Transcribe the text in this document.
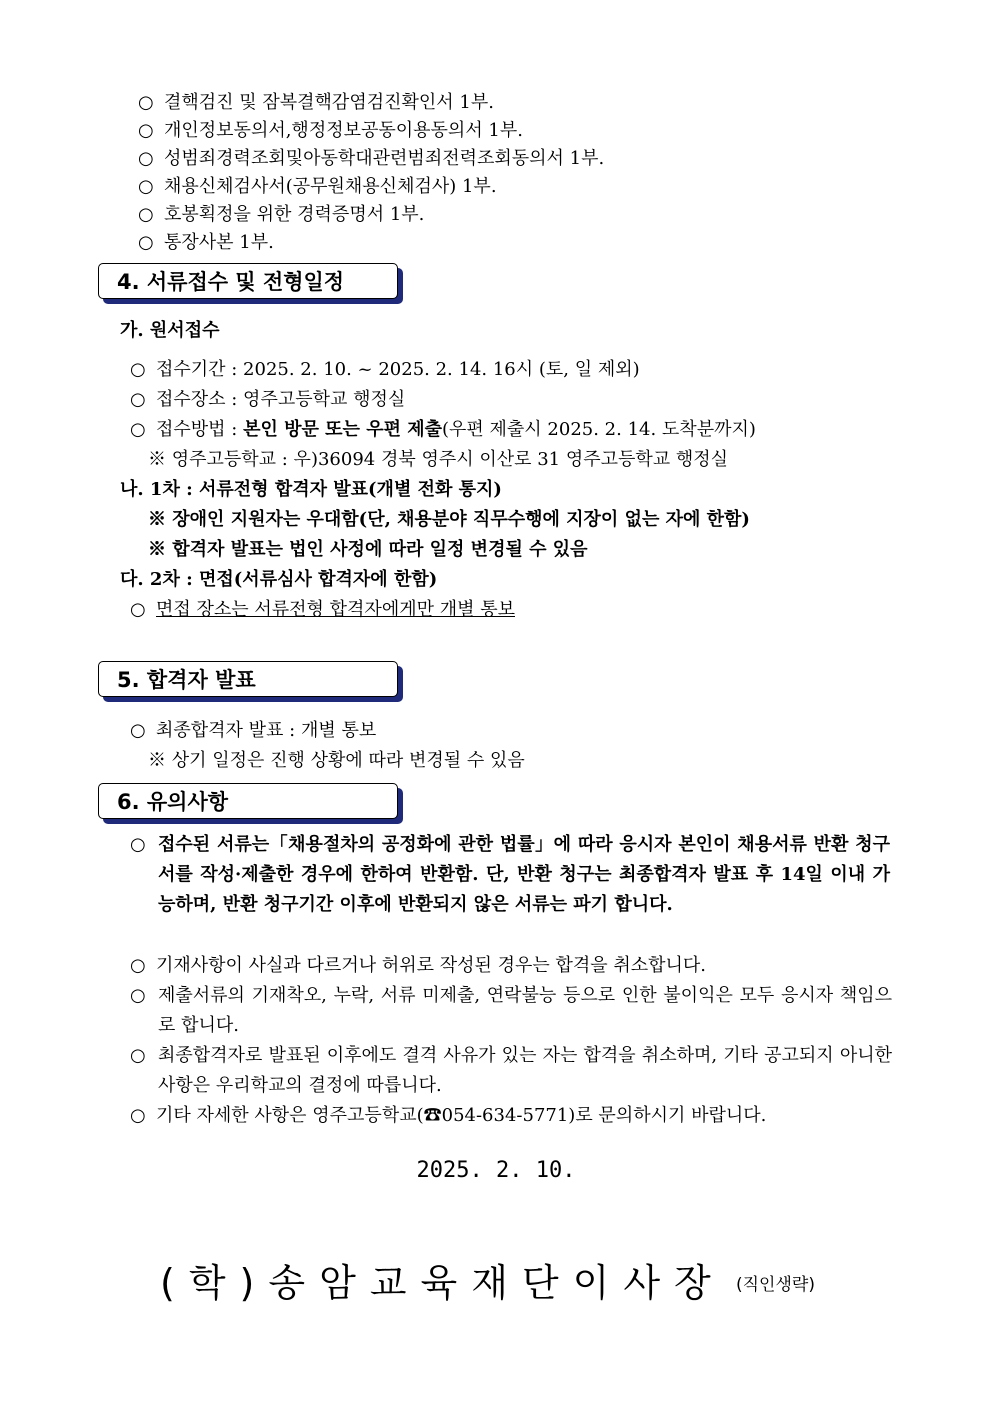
○ 결핵검진 및 잠복결핵감염검진확인서 1부.
○ 개인정보동의서,행정정보공동이용동의서 1부.
○ 성범죄경력조회및아동학대관련범죄전력조회동의서 1부.
○ 채용신체검사서(공무원채용신체검사) 1부.
○ 호봉획정을 위한 경력증명서 1부.
○ 통장사본 1부.
4. 서류접수 및 전형일정
가. 원서접수
○ 접수기간 : 2025. 2. 10. ~ 2025. 2. 14. 16시 (토, 일 제외)
○ 접수장소 : 영주고등학교 행정실
○ 접수방법 : 본인 방문 또는 우편 제출(우편 제출시 2025. 2. 14. 도착분까지)
※ 영주고등학교 : 우)36094 경북 영주시 이산로 31 영주고등학교 행정실
나. 1차 : 서류전형 합격자 발표(개별 전화 통지)
※ 장애인 지원자는 우대함(단, 채용분야 직무수행에 지장이 없는 자에 한함)
※ 합격자 발표는 법인 사정에 따라 일정 변경될 수 있음
다. 2차 : 면접(서류심사 합격자에 한함)
○ 면접 장소는 서류전형 합격자에게만 개별 통보
5. 합격자 발표
○ 최종합격자 발표 : 개별 통보
※ 상기 일정은 진행 상황에 따라 변경될 수 있음
6. 유의사항
○ 접수된 서류는「채용절차의 공정화에 관한 법률」에 따라 응시자 본인이 채용서류 반환 청구서를 작성·제출한 경우에 한하여 반환함. 단, 반환 청구는 최종합격자 발표 후 14일 이내 가능하며, 반환 청구기간 이후에 반환되지 않은 서류는 파기 합니다.
○ 기재사항이 사실과 다르거나 허위로 작성된 경우는 합격을 취소합니다.
○ 제출서류의 기재착오, 누락, 서류 미제출, 연락불능 등으로 인한 불이익은 모두 응시자 책임으로 합니다.
○ 최종합격자로 발표된 이후에도 결격 사유가 있는 자는 합격을 취소하며, 기타 공고되지 아니한 사항은 우리학교의 결정에 따릅니다.
○ 기타 자세한 사항은 영주고등학교(☎054-634-5771)로 문의하시기 바랍니다.
2025. 2. 10.
(학)송암교육재단이사장 (직인생략)
